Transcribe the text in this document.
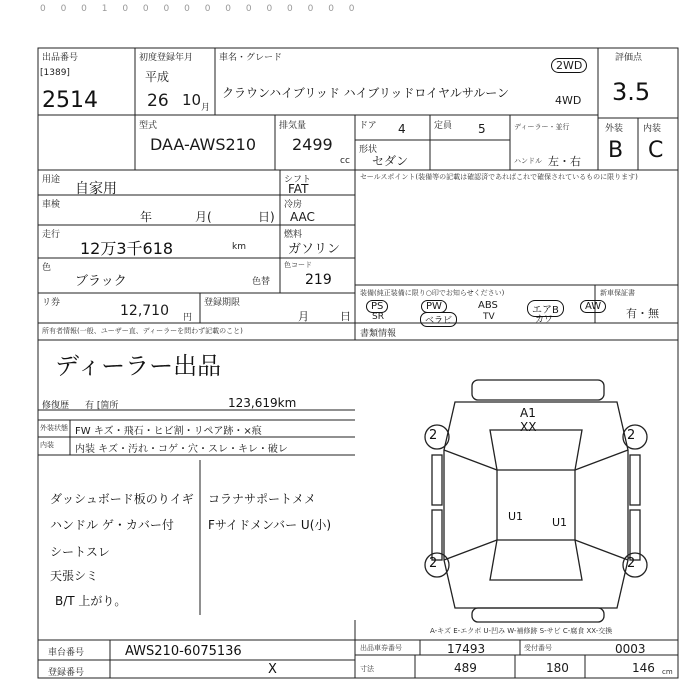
0 0 0 1 0 0 0 0 0 0 0 0 0 0 0 0
出品番号
[1389]
2514
初度登録年月
平成
26 10 月
車名・グレード
クラウンハイブリッド ハイブリッドロイヤルサルーン
2WD
4WD
評価点
3.5
型式
DAA-AWS210
排気量
2499
cc
ドア 4
形状
セダン
定員 5	ディーラー・並行
ハンドル 左・右
外装 内装
B C
用途
自家用
シフト
FAT
セールスポイント(装備等の記載は確認済であればこれで確保されているものに限ります)
車検
年	月(	日)
冷房
AAC
走行
12万3千618	km
燃料
ガソリン
色
ブラック	色替
色コード
219
装備(純正装備に限り○印でお知らせください)
PS	PW	ABS	エアB	AW
SR	ベラビ	TV	カワ
新車保証書
有・無
リ券	12,710 円
登録期限
月	日
所有者情報(一般、ユーザー直、ディーラーを問わず記載のこと)
ディーラー出品
書類情報
修復歴 有 [箇所	123,619km
外装状態 FW キズ・飛石・ヒビ割・リペア跡・×痕
内装 内装 キズ・汚れ・コゲ・穴・スレ・キレ・破レ
ダッシュボード板のりイギ
ハンドル ゲ・カバー付
シートスレ
天張シミ
B/T 上がり。
コラナサポートメメ
Fサイドメンバー U(小)
2	2
2	2
A1
XX
U1	U1
A-キズ E-エクボ U-凹み W-補修跡 S-サビ C-腐食 XX-交換
車台番号	AWS210-6075136
登録番号	X
出品車券番号	17493	受付番号	0003
寸法	489	180	146 cm
